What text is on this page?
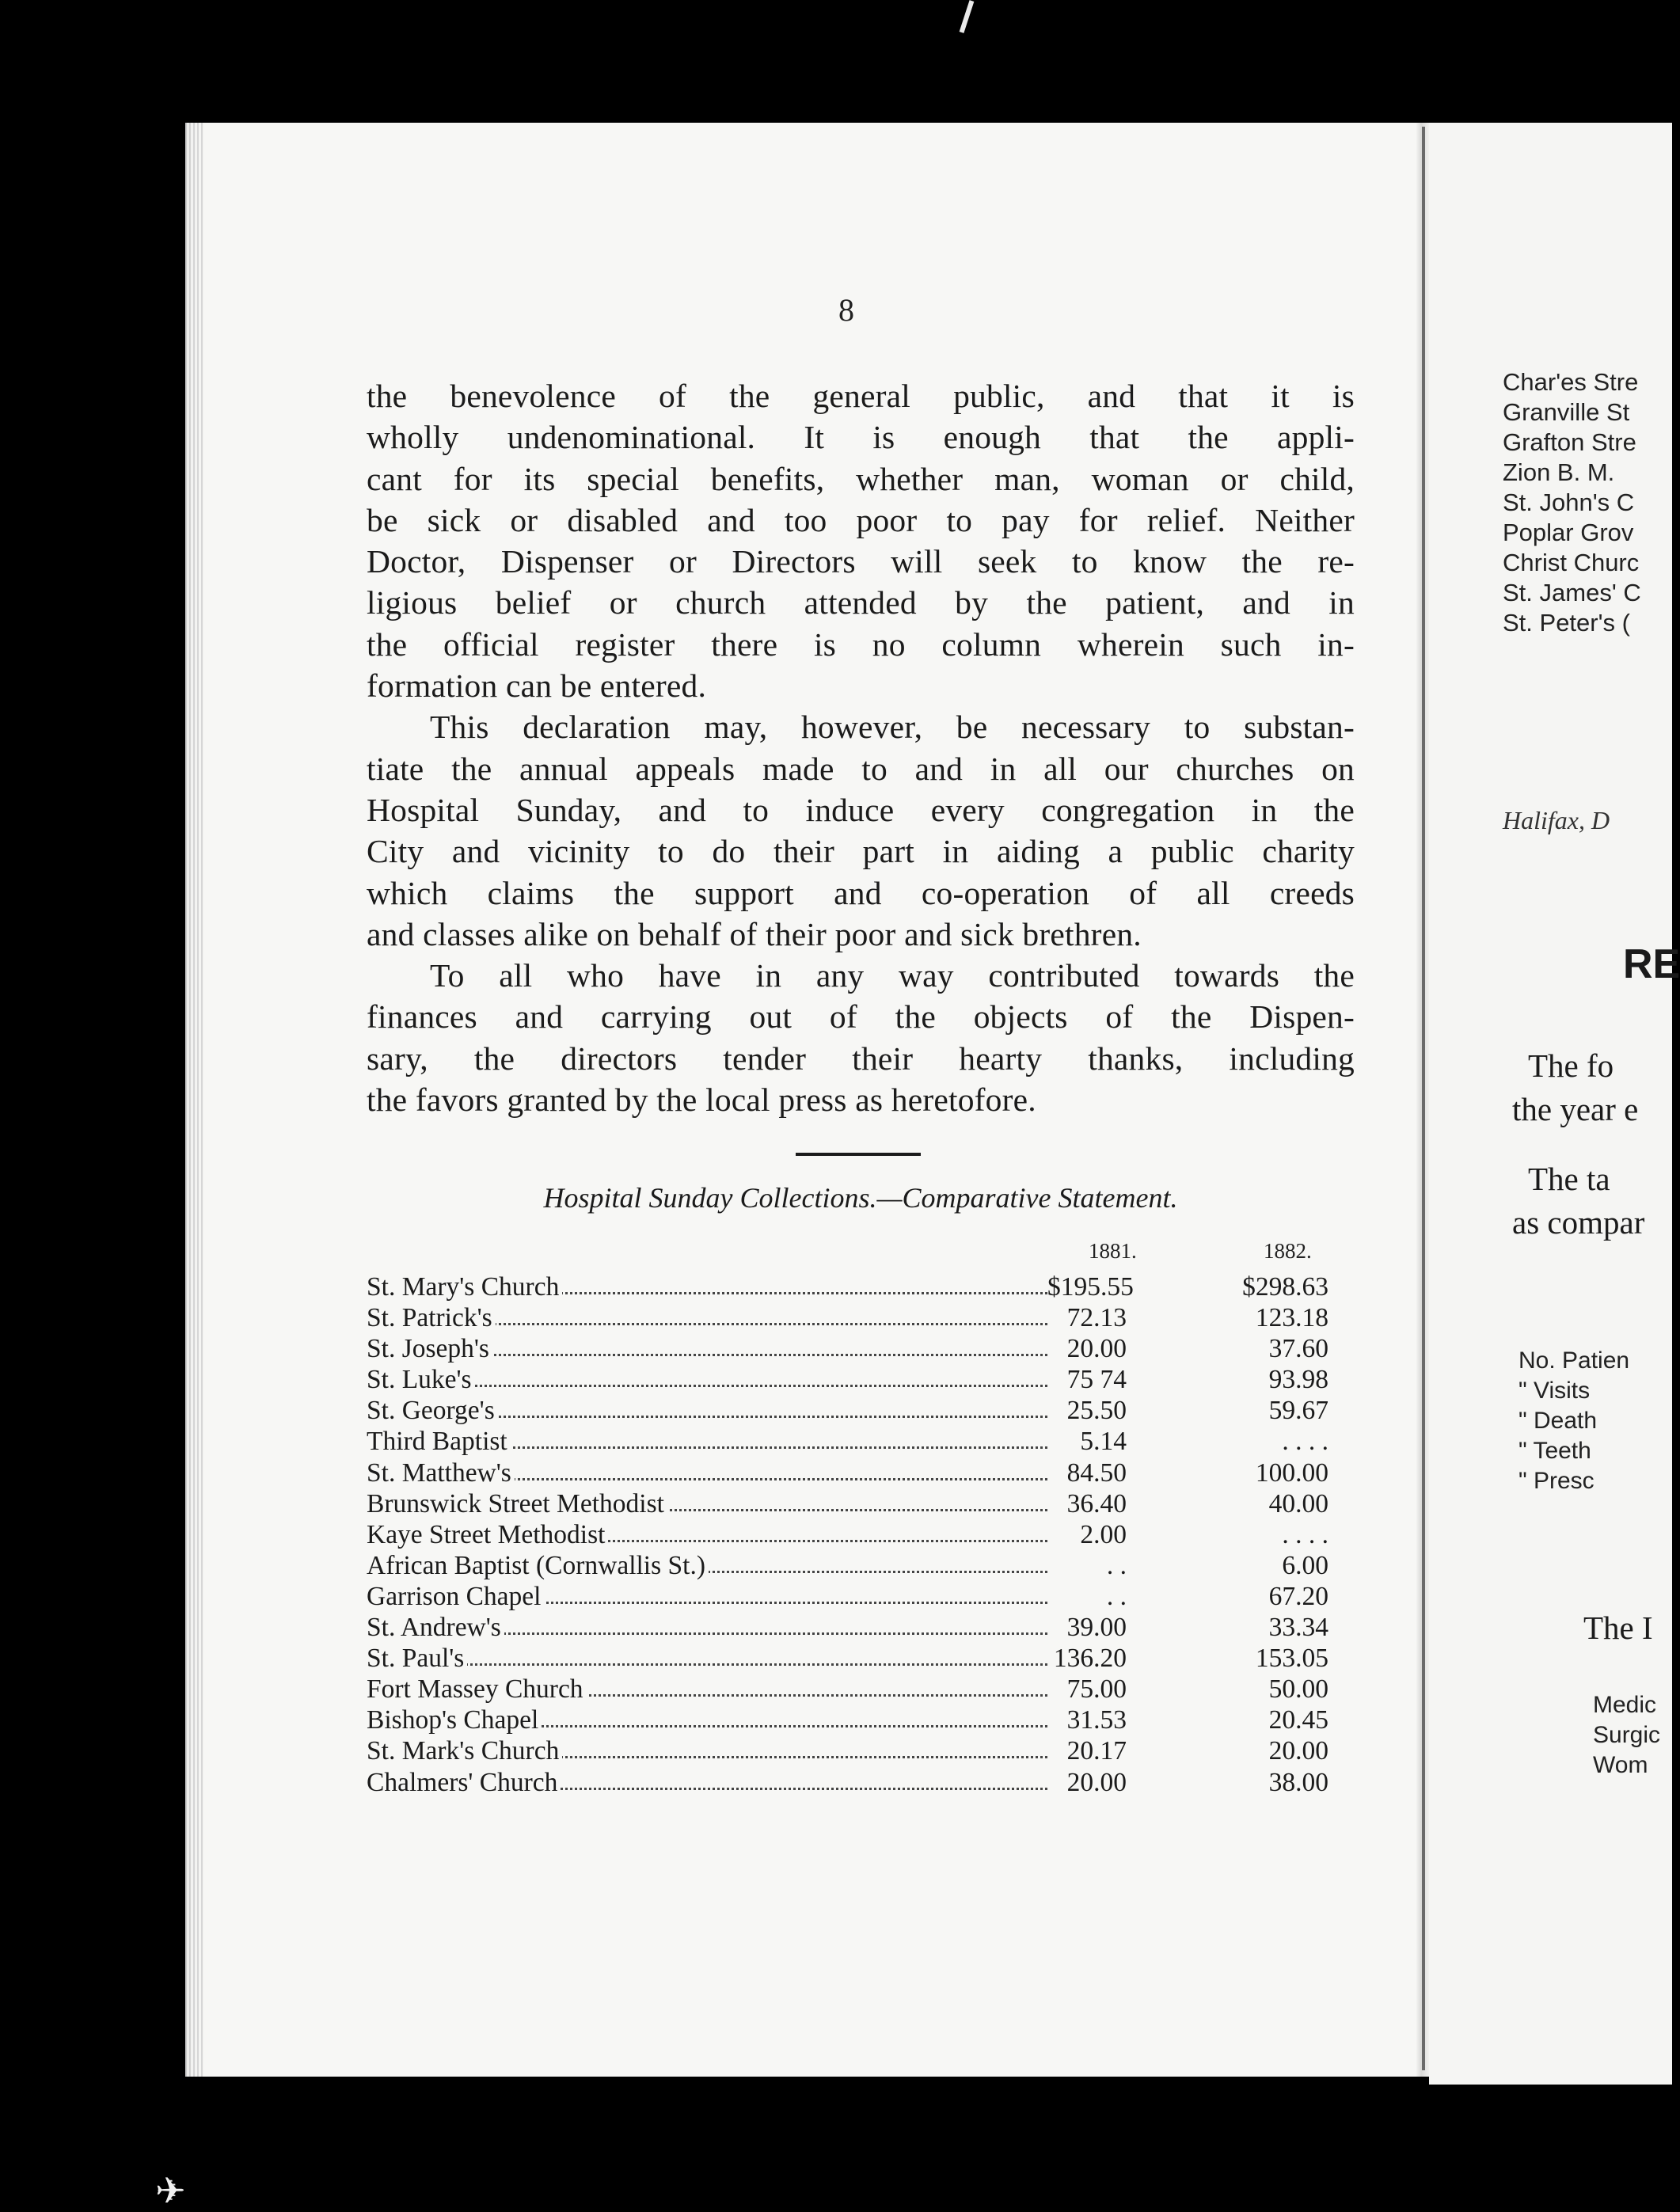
✈
8
the benevolence of the general public, and that it is
wholly undenominational. It is enough that the appli-
cant for its special benefits, whether man, woman or child,
be sick or disabled and too poor to pay for relief. Neither
Doctor, Dispenser or Directors will seek to know the re-
ligious belief or church attended by the patient, and in
the official register there is no column wherein such in-
formation can be entered.
This declaration may, however, be necessary to substan-
tiate the annual appeals made to and in all our churches on
Hospital Sunday, and to induce every congregation in the
City and vicinity to do their part in aiding a public charity
which claims the support and co-operation of all creeds
and classes alike on behalf of their poor and sick brethren.
To all who have in any way contributed towards the
finances and carrying out of the objects of the Dispen-
sary, the directors tender their hearty thanks, including
the favors granted by the local press as heretofore.
Hospital Sunday Collections.—Comparative Statement.
1881.	1882.
St. Mary's Church	$195.55	$298.63
St. Patrick's	72.13	123.18
St. Joseph's	20.00	37.60
St. Luke's	75 74	93.98
St. George's	25.50	59.67
Third Baptist	5.14	. . . .
St. Matthew's	84.50	100.00
Brunswick Street Methodist	36.40	40.00
Kaye Street Methodist	2.00	. . . .
African Baptist (Cornwallis St.)	. .	6.00
Garrison Chapel	. .	67.20
St. Andrew's	39.00	33.34
St. Paul's	136.20	153.05
Fort Massey Church	75.00	50.00
Bishop's Chapel	31.53	20.45
St. Mark's Church	20.17	20.00
Chalmers' Church	20.00	38.00
Char'es Stre
Granville St
Grafton Stre
Zion B. M.
St. John's C
Poplar Grov
Christ Churc
St. James' C
St. Peter's (
Halifax, D
RE
The fo
the year e
The ta
as compar
No. Patien
" Visits
" Death
" Teeth
" Presc
The I
Medic
Surgic
Wom
